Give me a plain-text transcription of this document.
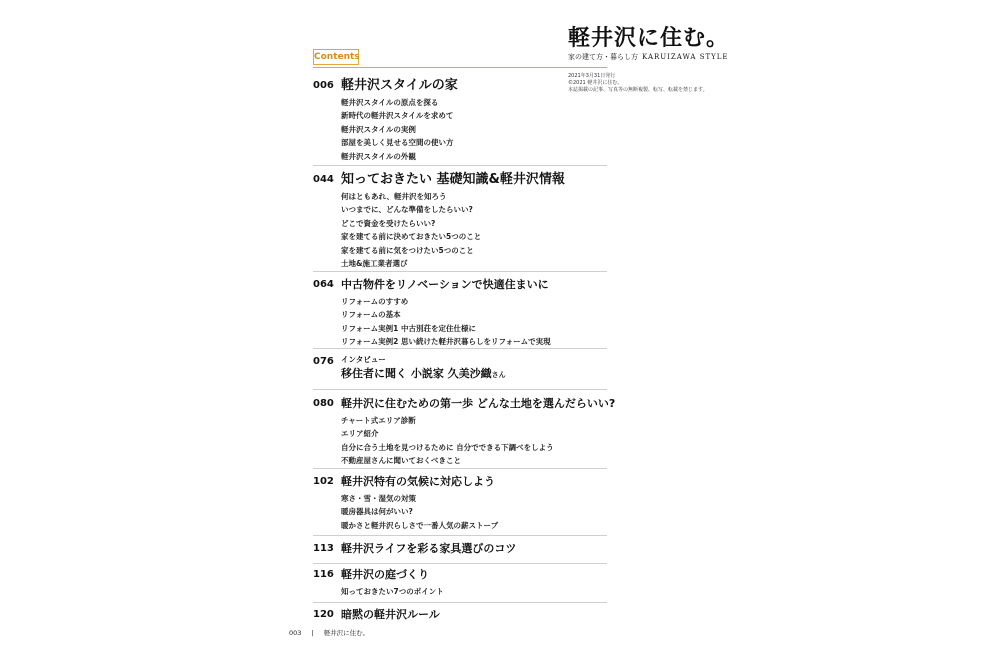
Contents
軽井沢に住む。
家の建て方・暮らし方 KARUIZAWA STYLE
2021年3月31日発行
©2021 軽井沢に住む。
本誌掲載の記事、写真等の無断複製、転写、転載を禁じます。
006 軽井沢スタイルの家
軽井沢スタイルの原点を探る
新時代の軽井沢スタイルを求めて
軽井沢スタイルの実例
部屋を美しく見せる空間の使い方
軽井沢スタイルの外観
044 知っておきたい 基礎知識&軽井沢情報
何はともあれ、軽井沢を知ろう
いつまでに、どんな準備をしたらいい?
どこで資金を受けたらいい?
家を建てる前に決めておきたい5つのこと
家を建てる前に気をつけたい5つのこと
土地&施工業者選び
064 中古物件をリノベーションで快適住まいに
リフォームのすすめ
リフォームの基本
リフォーム実例1 中古別荘を定住仕様に
リフォーム実例2 思い続けた軽井沢暮らしをリフォームで実現
076 インタビュー
移住者に聞く 小説家 久美沙織さん
080 軽井沢に住むための第一歩 どんな土地を選んだらいい?
チャート式エリア診断
エリア紹介
自分に合う土地を見つけるために 自分でできる下調べをしよう
不動産屋さんに聞いておくべきこと
102 軽井沢特有の気候に対応しよう
寒さ・雪・湿気の対策
暖房器具は何がいい?
暖かさと軽井沢らしさで一番人気の薪ストーブ
113 軽井沢ライフを彩る家具選びのコツ
116 軽井沢の庭づくり
知っておきたい7つのポイント
120 暗黙の軽井沢ルール
003 | 軽井沢に住む。
